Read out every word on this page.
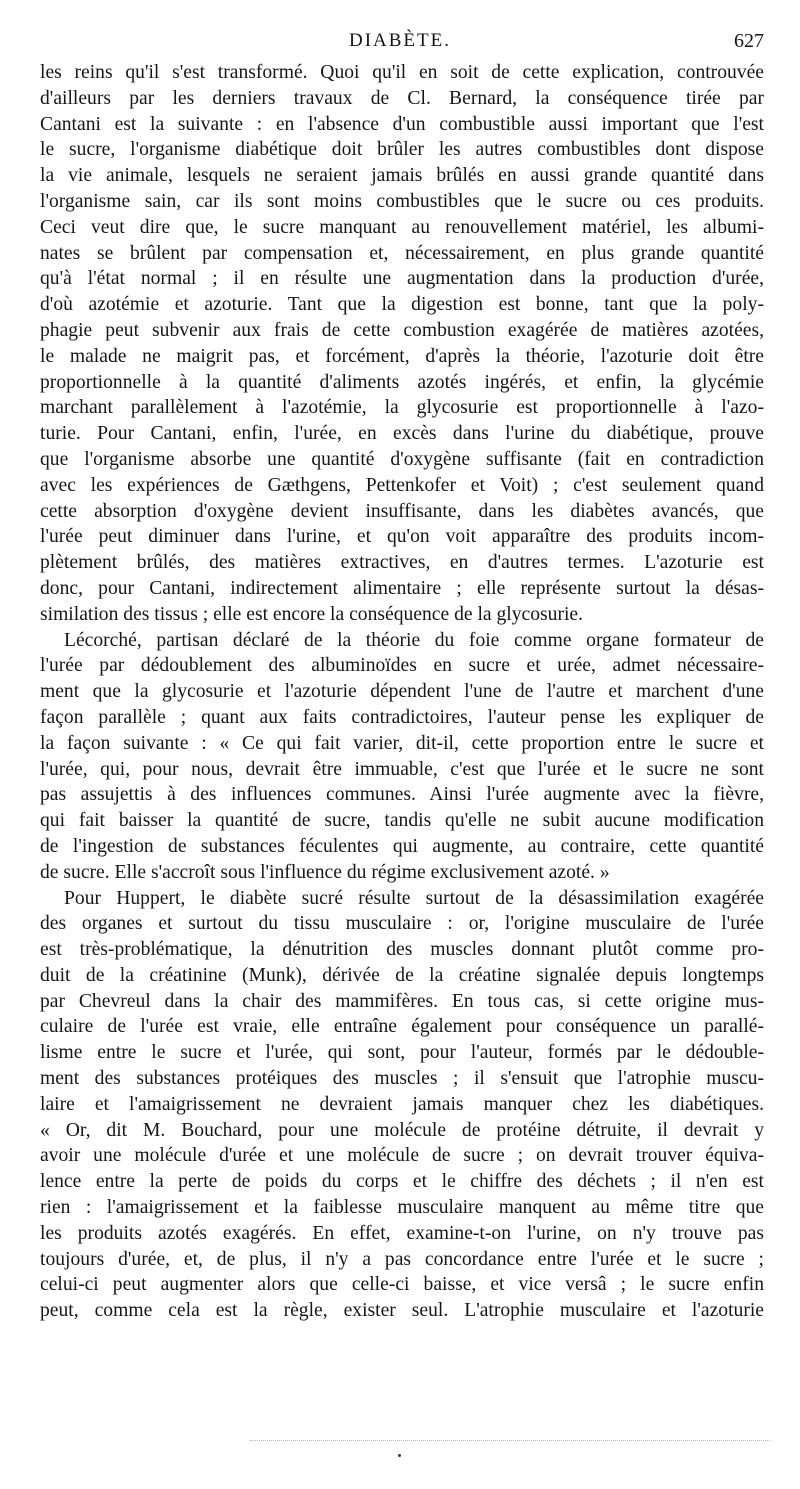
DIABÈTE.	627
les reins qu'il s'est transformé. Quoi qu'il en soit de cette explication, controuvée
d'ailleurs par les derniers travaux de Cl. Bernard, la conséquence tirée par
Cantani est la suivante : en l'absence d'un combustible aussi important que l'est
le sucre, l'organisme diabétique doit brûler les autres combustibles dont dispose
la vie animale, lesquels ne seraient jamais brûlés en aussi grande quantité dans
l'organisme sain, car ils sont moins combustibles que le sucre ou ces produits.
Ceci veut dire que, le sucre manquant au renouvellement matériel, les albumi-
nates se brûlent par compensation et, nécessairement, en plus grande quantité
qu'à l'état normal ; il en résulte une augmentation dans la production d'urée,
d'où azotémie et azoturie. Tant que la digestion est bonne, tant que la poly-
phagie peut subvenir aux frais de cette combustion exagérée de matières azotées,
le malade ne maigrit pas, et forcément, d'après la théorie, l'azoturie doit être
proportionnelle à la quantité d'aliments azotés ingérés, et enfin, la glycémie
marchant parallèlement à l'azotémie, la glycosurie est proportionnelle à l'azo-
turie. Pour Cantani, enfin, l'urée, en excès dans l'urine du diabétique, prouve
que l'organisme absorbe une quantité d'oxygène suffisante (fait en contradiction
avec les expériences de Gæthgens, Pettenkofer et Voit) ; c'est seulement quand
cette absorption d'oxygène devient insuffisante, dans les diabètes avancés, que
l'urée peut diminuer dans l'urine, et qu'on voit apparaître des produits incom-
plètement brûlés, des matières extractives, en d'autres termes. L'azoturie est
donc, pour Cantani, indirectement alimentaire ; elle représente surtout la désas-
similation des tissus ; elle est encore la conséquence de la glycosurie.
Lécorché, partisan déclaré de la théorie du foie comme organe formateur de
l'urée par dédoublement des albuminoïdes en sucre et urée, admet nécessaire-
ment que la glycosurie et l'azoturie dépendent l'une de l'autre et marchent d'une
façon parallèle ; quant aux faits contradictoires, l'auteur pense les expliquer de
la façon suivante : « Ce qui fait varier, dit-il, cette proportion entre le sucre et
l'urée, qui, pour nous, devrait être immuable, c'est que l'urée et le sucre ne sont
pas assujettis à des influences communes. Ainsi l'urée augmente avec la fièvre,
qui fait baisser la quantité de sucre, tandis qu'elle ne subit aucune modification
de l'ingestion de substances féculentes qui augmente, au contraire, cette quantité
de sucre. Elle s'accroît sous l'influence du régime exclusivement azoté. »
Pour Huppert, le diabète sucré résulte surtout de la désassimilation exagérée
des organes et surtout du tissu musculaire : or, l'origine musculaire de l'urée
est très-problématique, la dénutrition des muscles donnant plutôt comme pro-
duit de la créatinine (Munk), dérivée de la créatine signalée depuis longtemps
par Chevreul dans la chair des mammifères. En tous cas, si cette origine mus-
culaire de l'urée est vraie, elle entraîne également pour conséquence un parallé-
lisme entre le sucre et l'urée, qui sont, pour l'auteur, formés par le dédouble-
ment des substances protéiques des muscles ; il s'ensuit que l'atrophie muscu-
laire et l'amaigrissement ne devraient jamais manquer chez les diabétiques.
« Or, dit M. Bouchard, pour une molécule de protéine détruite, il devrait y
avoir une molécule d'urée et une molécule de sucre ; on devrait trouver équiva-
lence entre la perte de poids du corps et le chiffre des déchets ; il n'en est
rien : l'amaigrissement et la faiblesse musculaire manquent au même titre que
les produits azotés exagérés. En effet, examine-t-on l'urine, on n'y trouve pas
toujours d'urée, et, de plus, il n'y a pas concordance entre l'urée et le sucre ;
celui-ci peut augmenter alors que celle-ci baisse, et vice versâ ; le sucre enfin
peut, comme cela est la règle, exister seul. L'atrophie musculaire et l'azoturie
